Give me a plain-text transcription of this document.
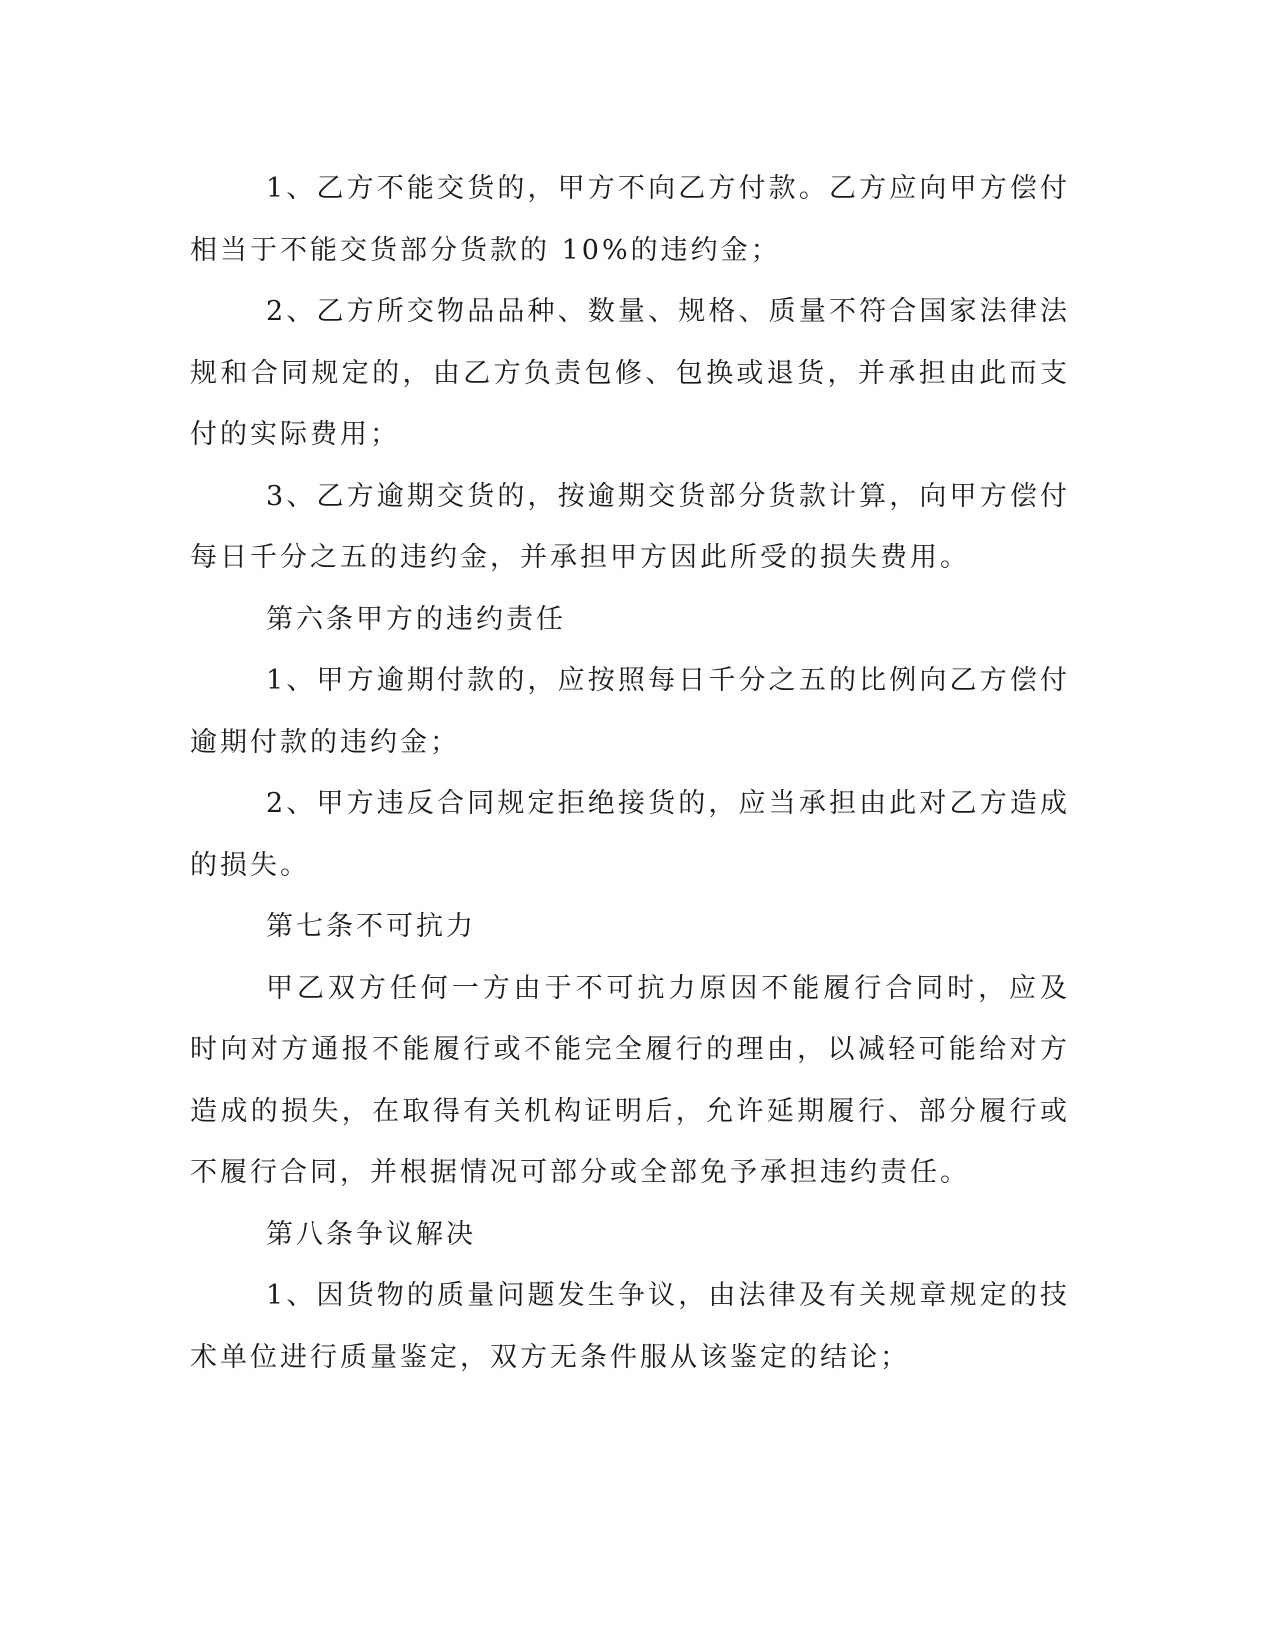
1、乙方不能交货的，甲方不向乙方付款。乙方应向甲方偿付相当于不能交货部分货款的 10%的违约金；

2、乙方所交物品品种、数量、规格、质量不符合国家法律法规和合同规定的，由乙方负责包修、包换或退货，并承担由此而支付的实际费用；

3、乙方逾期交货的，按逾期交货部分货款计算，向甲方偿付每日千分之五的违约金，并承担甲方因此所受的损失费用。

第六条甲方的违约责任

1、甲方逾期付款的，应按照每日千分之五的比例向乙方偿付逾期付款的违约金；

2、甲方违反合同规定拒绝接货的，应当承担由此对乙方造成的损失。

第七条不可抗力

甲乙双方任何一方由于不可抗力原因不能履行合同时，应及时向对方通报不能履行或不能完全履行的理由，以减轻可能给对方造成的损失，在取得有关机构证明后，允许延期履行、部分履行或不履行合同，并根据情况可部分或全部免予承担违约责任。

第八条争议解决

1、因货物的质量问题发生争议，由法律及有关规章规定的技术单位进行质量鉴定，双方无条件服从该鉴定的结论；
